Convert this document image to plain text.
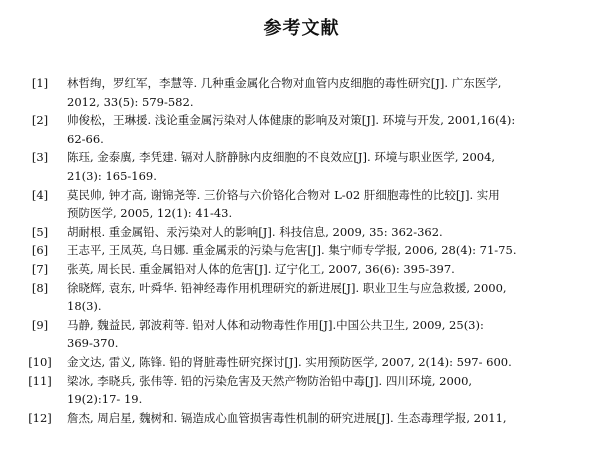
参考文献
[1]	林哲绚，罗红军，李慧等. 几种重金属化合物对血管内皮细胞的毒性研究[J]. 广东医学,
2012, 33(5): 579-582.
[2]	帅俊松，王琳援. 浅论重金属污染对人体健康的影响及对策[J]. 环境与开发, 2001,16(4):
62-66.
[3]	陈珏, 金泰廙, 李凭建. 镉对人脐静脉内皮细胞的不良效应[J]. 环境与职业医学, 2004,
21(3): 165-169.
[4]	莫民帅, 钟才高, 谢锦尧等. 三价铬与六价铬化合物对 L-02 肝细胞毒性的比较[J]. 实用
预防医学, 2005, 12(1): 41-43.
[5]	胡耐根. 重金属铅、汞污染对人的影响[J]. 科技信息, 2009, 35: 362-362.
[6]	王志平, 王凤英, 乌日娜. 重金属汞的污染与危害[J]. 集宁师专学报, 2006, 28(4): 71-75.
[7]	张英, 周长民. 重金属铅对人体的危害[J]. 辽宁化工, 2007, 36(6): 395-397.
[8]	徐晓辉, 袁东, 叶舜华. 铅神经毒作用机理研究的新进展[J]. 职业卫生与应急救援, 2000,
18(3).
[9]	马静, 魏益民, 郭波莉等. 铅对人体和动物毒性作用[J].中国公共卫生, 2009, 25(3):
369-370.
[10]	金文达, 雷义, 陈锋. 铅的肾脏毒性研究探讨[J]. 实用预防医学, 2007, 2(14): 597- 600.
[11]	梁冰, 李晓兵, 张伟等. 铅的污染危害及天然产物防治铅中毒[J]. 四川环境, 2000,
19(2):17- 19.
[12]	詹杰, 周启星, 魏树和. 镉造成心血管损害毒性机制的研究进展[J]. 生态毒理学报, 2011,
